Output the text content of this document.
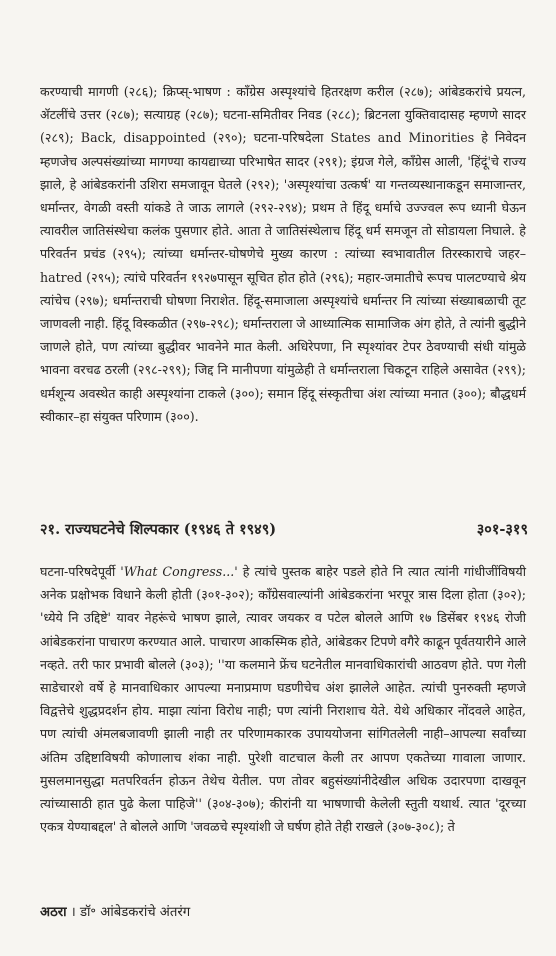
करण्याची मागणी (२८६); क्रिप्स्-भाषण : काँग्रेस अस्पृश्यांचे हितरक्षण करील (२८७); आंबेडकरांचे प्रयत्न, ॲटलींचे उत्तर (२८७); सत्याग्रह (२८७); घटना-समितीवर निवड (२८८); ब्रिटनला युक्तिवादासह म्हणणे सादर (२८९); Back, disappointed (२९०); घटना-परिषदेला States and Minorities हे निवेदन म्हणजेच अल्पसंख्यांच्या मागण्या कायद्याच्या परिभाषेत सादर (२९१); इंग्रज गेले, काँग्रेस आली, 'हिंदूं'चे राज्य झाले, हे आंबेडकरांनी उशिरा समजावून घेतले (२९२); 'अस्पृश्यांचा उत्कर्ष' या गन्तव्यस्थानाकडून समाजान्तर, धर्मान्तर, वेगळी वस्ती यांकडे ते जाऊ लागले (२९२-२९४); प्रथम ते हिंदू धर्माचे उज्ज्वल रूप ध्यानी घेऊन त्यावरील जातिसंस्थेचा कलंक पुसणार होते. आता ते जातिसंस्थेलाच हिंदू धर्म समजून तो सोडायला निघाले. हे परिवर्तन प्रचंड (२९५); त्यांच्या धर्मान्तर-घोषणेचे मुख्य कारण : त्यांच्या स्वभावातील तिरस्काराचे जहर–hatred (२९५); त्यांचे परिवर्तन १९२७पासून सूचित होत होते (२९६); महार-जमातीचे रूपच पालटण्याचे श्रेय त्यांचेच (२९७); धर्मान्तराची घोषणा निराशेत. हिंदू-समाजाला अस्पृश्यांचे धर्मान्तर नि त्यांच्या संख्याबळाची तूट जाणवली नाही. हिंदू विस्कळीत (२९७-२९८); धर्मान्तराला जे आध्यात्मिक सामाजिक अंग होते, ते त्यांनी बुद्धीने जाणले होते, पण त्यांच्या बुद्धीवर भावनेने मात केली. अधिरेपणा, नि स्पृश्यांवर टेपर ठेवण्याची संधी यांमुळे भावना वरचढ ठरली (२९८-२९९); जिद्द नि मानीपणा यांमुळेही ते धर्मान्तराला चिकटून राहिले असावेत (२९९); धर्मशून्य अवस्थेत काही अस्पृश्यांना टाकले (३००); समान हिंदू संस्कृतीचा अंश त्यांच्या मनात (३००); बौद्धधर्म स्वीकार–हा संयुक्त परिणाम (३००).

२१. राज्यघटनेचे शिल्पकार (१९४६ ते १९४९)	३०१-३१९

घटना-परिषदेपूर्वी 'What Congress...' हे त्यांचे पुस्तक बाहेर पडले होते नि त्यात त्यांनी गांधीजींविषयी अनेक प्रक्षोभक विधाने केली होती (३०१-३०२); काँग्रेसवाल्यांनी आंबेडकरांना भरपूर त्रास दिला होता (३०२); 'ध्येये नि उद्दिष्टे' यावर नेहरूंचे भाषण झाले, त्यावर जयकर व पटेल बोलले आणि १७ डिसेंबर १९४६ रोजी आंबेडकरांना पाचारण करण्यात आले. पाचारण आकस्मिक होते, आंबेडकर टिपणे वगैरे काढून पूर्वतयारीने आले नव्हते. तरी फार प्रभावी बोलले (३०३); ''या कलमाने फ्रेंच घटनेतील मानवाधिकारांची आठवण होते. पण गेली साडेचारशे वर्षे हे मानवाधिकार आपल्या मनाप्रमाण घडणीचेच अंश झालेले आहेत. त्यांची पुनरुक्ती म्हणजे विद्वत्तेचे शुद्धप्रदर्शन होय. माझा त्यांना विरोध नाही; पण त्यांनी निराशाच येते. येथे अधिकार नोंदवले आहेत, पण त्यांची अंमलबजावणी झाली नाही तर परिणामकारक उपाययोजना सांगितलेली नाही–आपल्या सर्वांच्या अंतिम उद्दिष्टाविषयी कोणालाच शंका नाही. पुरेशी वाटचाल केली तर आपण एकतेच्या गावाला जाणार. मुसलमानसुद्धा मतपरिवर्तन होऊन तेथेच येतील. पण तोवर बहुसंख्यांनीदेखील अधिक उदारपणा दाखवून त्यांच्यासाठी हात पुढे केला पाहिजे'' (३०४-३०७); कीरांनी या भाषणाची केलेली स्तुती यथार्थ. त्यात 'दूरच्या एकत्र येण्याबद्दल' ते बोलले आणि 'जवळचे स्पृश्यांशी जे घर्षण होते तेही राखले (३०७-३०८); ते

अठरा । डॉ॰ आंबेडकरांचे अंतरंग
